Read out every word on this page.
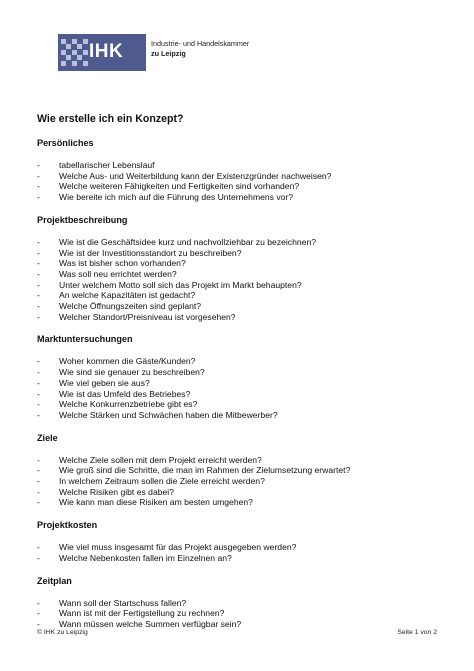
IHK	Industrie- und Handelskammer
zu Leipzig
Wie erstelle ich ein Konzept?
Persönliches
- tabellarischer Lebenslauf
- Welche Aus- und Weiterbildung kann der Existenzgründer nachweisen?
- Welche weiteren Fähigkeiten und Fertigkeiten sind vorhanden?
- Wie bereite ich mich auf die Führung des Unternehmens vor?
Projektbeschreibung
- Wie ist die Geschäftsidee kurz und nachvollziehbar zu bezeichnen?
- Wie ist der Investitionsstandort zu beschreiben?
- Was ist bisher schon vorhanden?
- Was soll neu errichtet werden?
- Unter welchem Motto soll sich das Projekt im Markt behaupten?
- An welche Kapazitäten ist gedacht?
- Welche Öffnungszeiten sind geplant?
- Welcher Standort/Preisniveau ist vorgesehen?
Marktuntersuchungen
- Woher kommen die Gäste/Kunden?
- Wie sind sie genauer zu beschreiben?
- Wie viel geben sie aus?
- Wie ist das Umfeld des Betriebes?
- Welche Konkurrenzbetriebe gibt es?
- Welche Stärken und Schwächen haben die Mitbewerber?
Ziele
- Welche Ziele sollen mit dem Projekt erreicht werden?
- Wie groß sind die Schritte, die man im Rahmen der Zielumsetzung erwartet?
- In welchem Zeitraum sollen die Ziele erreicht werden?
- Welche Risiken gibt es dabei?
- Wie kann man diese Risiken am besten umgehen?
Projektkosten
- Wie viel muss insgesamt für das Projekt ausgegeben werden?
- Welche Nebenkosten fallen im Einzelnen an?
Zeitplan
- Wann soll der Startschuss fallen?
- Wann ist mit der Fertigstellung zu rechnen?
- Wann müssen welche Summen verfügbar sein?
© IHK zu Leipzig	Seite 1 von 2
